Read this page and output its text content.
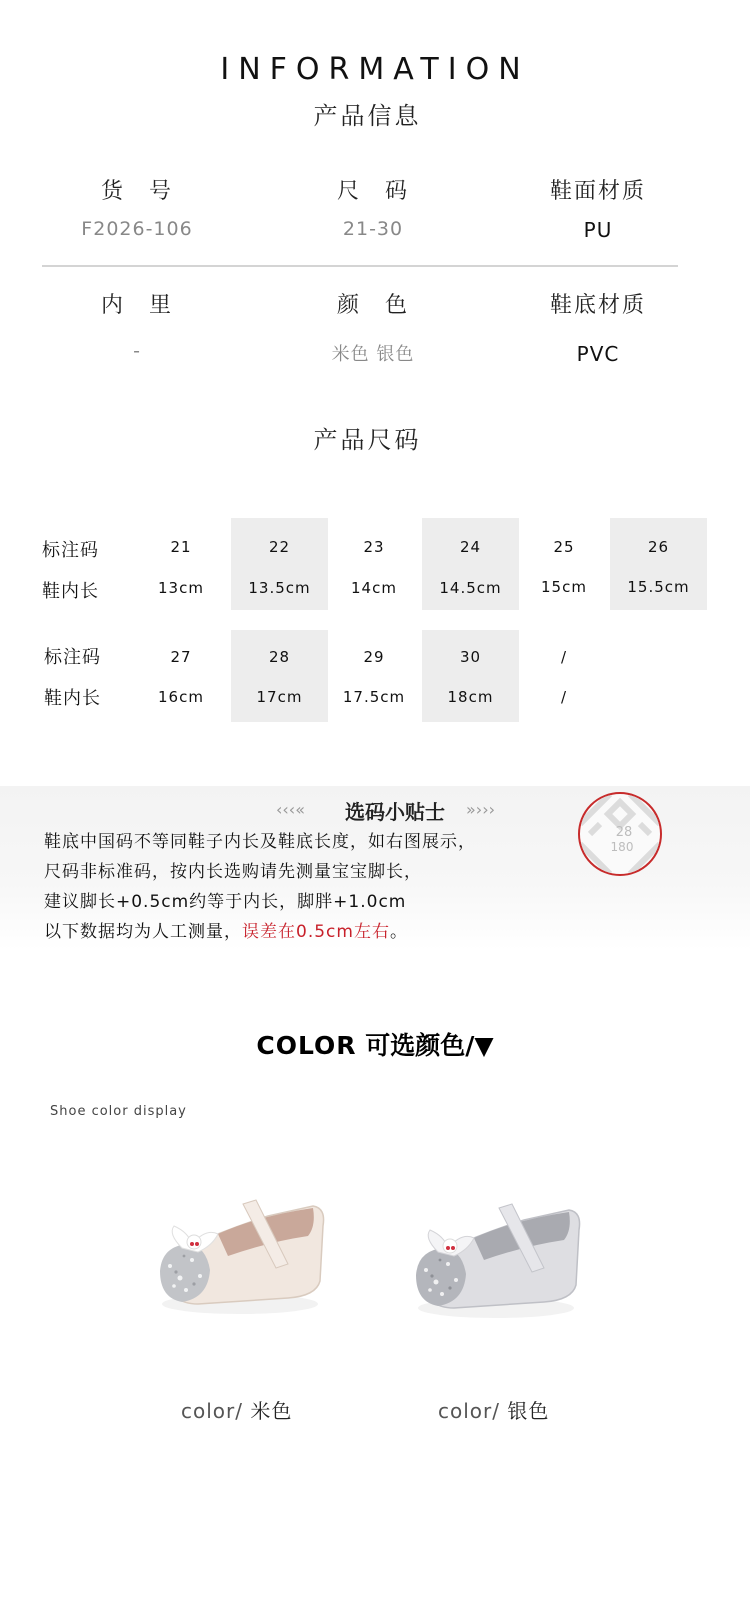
INFORMATION
产品信息
货　号	尺　码	鞋面材质
F2026-106	21-30	PU
内　里	颜　色	鞋底材质
-	米色 银色	PVC
产品尺码
标注码
鞋内长
21	22	23	24	25	26
13cm	13.5cm	14cm	14.5cm	15cm	15.5cm
标注码
鞋内长
27	28	29	30	/
16cm	17cm	17.5cm	18cm	/
‹‹‹«	选码小贴士	»›››
鞋底中国码不等同鞋子内长及鞋底长度，如右图展示，
尺码非标准码，按内长选购请先测量宝宝脚长，
建议脚长+0.5cm约等于内长，脚胖+1.0cm
以下数据均为人工测量，误差在0.5cm左右。
28
180
COLOR 可选颜色/▼
Shoe color display
color/ 米色	color/ 银色
